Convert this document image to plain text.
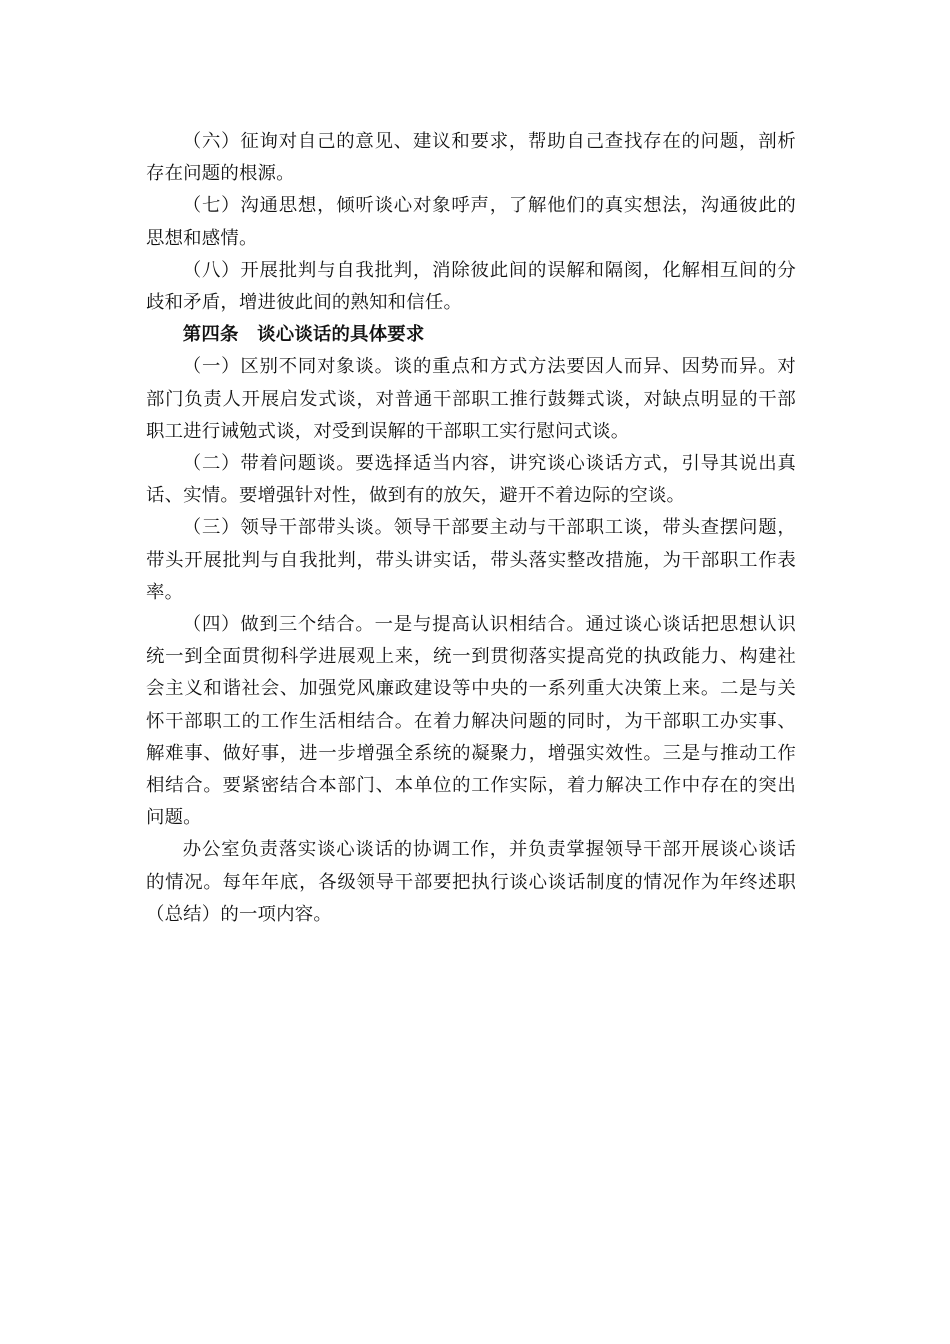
（六）征询对自己的意见、建议和要求，帮助自己查找存在的问题，剖析存在问题的根源。

（七）沟通思想，倾听谈心对象呼声，了解他们的真实想法，沟通彼此的思想和感情。

（八）开展批判与自我批判，消除彼此间的误解和隔阂，化解相互间的分歧和矛盾，增进彼此间的熟知和信任。

第四条　谈心谈话的具体要求

（一）区别不同对象谈。谈的重点和方式方法要因人而异、因势而异。对部门负责人开展启发式谈，对普通干部职工推行鼓舞式谈，对缺点明显的干部职工进行诫勉式谈，对受到误解的干部职工实行慰问式谈。

（二）带着问题谈。要选择适当内容，讲究谈心谈话方式，引导其说出真话、实情。要增强针对性，做到有的放矢，避开不着边际的空谈。

（三）领导干部带头谈。领导干部要主动与干部职工谈，带头查摆问题，带头开展批判与自我批判，带头讲实话，带头落实整改措施，为干部职工作表率。

（四）做到三个结合。一是与提高认识相结合。通过谈心谈话把思想认识统一到全面贯彻科学进展观上来，统一到贯彻落实提高党的执政能力、构建社会主义和谐社会、加强党风廉政建设等中央的一系列重大决策上来。二是与关怀干部职工的工作生活相结合。在着力解决问题的同时，为干部职工办实事、解难事、做好事，进一步增强全系统的凝聚力，增强实效性。三是与推动工作相结合。要紧密结合本部门、本单位的工作实际，着力解决工作中存在的突出问题。

办公室负责落实谈心谈话的协调工作，并负责掌握领导干部开展谈心谈话的情况。每年年底，各级领导干部要把执行谈心谈话制度的情况作为年终述职（总结）的一项内容。
